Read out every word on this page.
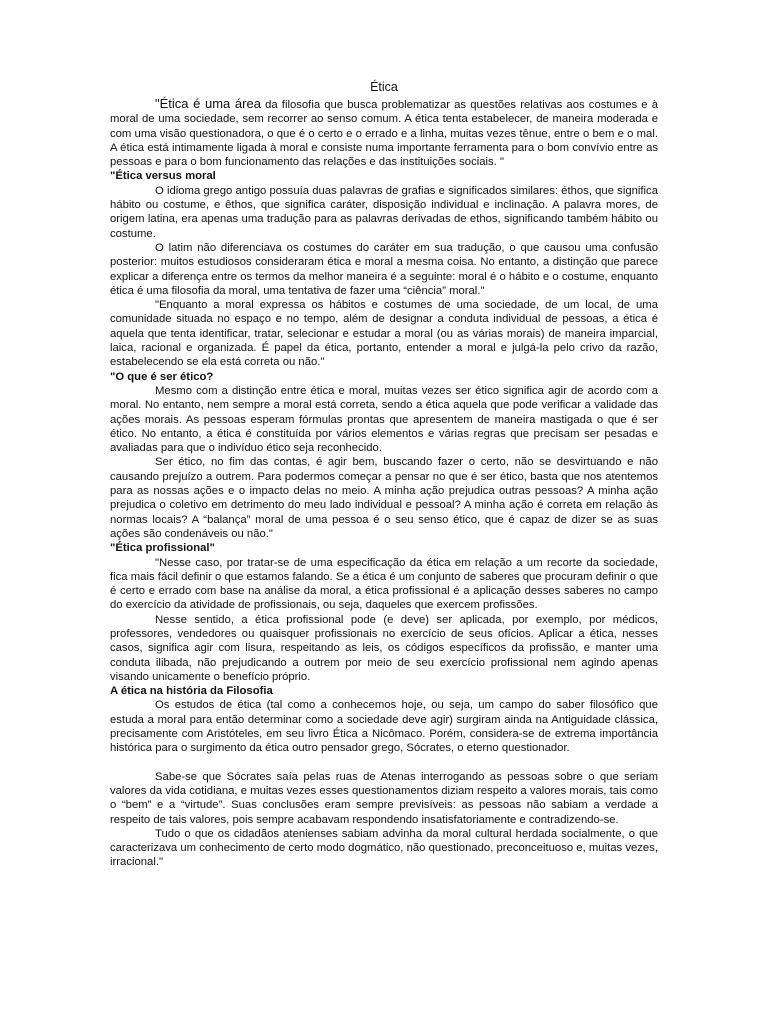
Ética

"Ética é uma área da filosofia que busca problematizar as questões relativas aos costumes e à moral de uma sociedade, sem recorrer ao senso comum. A ética tenta estabelecer, de maneira moderada e com uma visão questionadora, o que é o certo e o errado e a linha, muitas vezes tênue, entre o bem e o mal. A ética está intimamente ligada à moral e consiste numa importante ferramenta para o bom convívio entre as pessoas e para o bom funcionamento das relações e das instituições sociais. "

"Ética versus moral

O idioma grego antigo possuía duas palavras de grafias e significados similares: éthos, que significa hábito ou costume, e êthos, que significa caráter, disposição individual e inclinação. A palavra mores, de origem latina, era apenas uma tradução para as palavras derivadas de ethos, significando também hábito ou costume.

O latim não diferenciava os costumes do caráter em sua tradução, o que causou uma confusão posterior: muitos estudiosos consideraram ética e moral a mesma coisa. No entanto, a distinção que parece explicar a diferença entre os termos da melhor maneira é a seguinte: moral é o hábito e o costume, enquanto ética é uma filosofia da moral, uma tentativa de fazer uma “ciência” moral."

"Enquanto a moral expressa os hábitos e costumes de uma sociedade, de um local, de uma comunidade situada no espaço e no tempo, além de designar a conduta individual de pessoas, a ética é aquela que tenta identificar, tratar, selecionar e estudar a moral (ou as várias morais) de maneira imparcial, laica, racional e organizada. É papel da ética, portanto, entender a moral e julgá-la pelo crivo da razão, estabelecendo se ela está correta ou não."

"O que é ser ético?

Mesmo com a distinção entre ética e moral, muitas vezes ser ético significa agir de acordo com a moral. No entanto, nem sempre a moral está correta, sendo a ética aquela que pode verificar a validade das ações morais. As pessoas esperam fórmulas prontas que apresentem de maneira mastigada o que é ser ético. No entanto, a ética é constituída por vários elementos e várias regras que precisam ser pesadas e avaliadas para que o indivíduo ético seja reconhecido.

Ser ético, no fim das contas, é agir bem, buscando fazer o certo, não se desvirtuando e não causando prejuízo a outrem. Para podermos começar a pensar no que é ser ético, basta que nos atentemos para as nossas ações e o impacto delas no meio. A minha ação prejudica outras pessoas? A minha ação prejudica o coletivo em detrimento do meu lado individual e pessoal? A minha ação é correta em relação às normas locais? A “balança” moral de uma pessoa é o seu senso ético, que é capaz de dizer se as suas ações são condenáveis ou não."

"Ética profissional"

"Nesse caso, por tratar-se de uma especificação da ética em relação a um recorte da sociedade, fica mais fácil definir o que estamos falando. Se a ética é um conjunto de saberes que procuram definir o que é certo e errado com base na análise da moral, a ética profissional é a aplicação desses saberes no campo do exercício da atividade de profissionais, ou seja, daqueles que exercem profissões.

Nesse sentido, a ética profissional pode (e deve) ser aplicada, por exemplo, por médicos, professores, vendedores ou quaisquer profissionais no exercício de seus ofícios. Aplicar a ética, nesses casos, significa agir com lisura, respeitando as leis, os códigos específicos da profissão, e manter uma conduta ilibada, não prejudicando a outrem por meio de seu exercício profissional nem agindo apenas visando unicamente o benefício próprio.

A ética na história da Filosofia

Os estudos de ética (tal como a conhecemos hoje, ou seja, um campo do saber filosófico que estuda a moral para então determinar como a sociedade deve agir) surgiram ainda na Antiguidade clássica, precisamente com Aristóteles, em seu livro Ética a Nicômaco. Porém, considera-se de extrema importância histórica para o surgimento da ética outro pensador grego, Sócrates, o eterno questionador.

Sabe-se que Sócrates saía pelas ruas de Atenas interrogando as pessoas sobre o que seriam valores da vida cotidiana, e muitas vezes esses questionamentos diziam respeito a valores morais, tais como o “bem” e a “virtude”. Suas conclusões eram sempre previsíveis: as pessoas não sabiam a verdade a respeito de tais valores, pois sempre acabavam respondendo insatisfatoriamente e contradizendo-se.

Tudo o que os cidadãos atenienses sabiam advinha da moral cultural herdada socialmente, o que caracterizava um conhecimento de certo modo dogmático, não questionado, preconceituoso e, muitas vezes, irracional."
